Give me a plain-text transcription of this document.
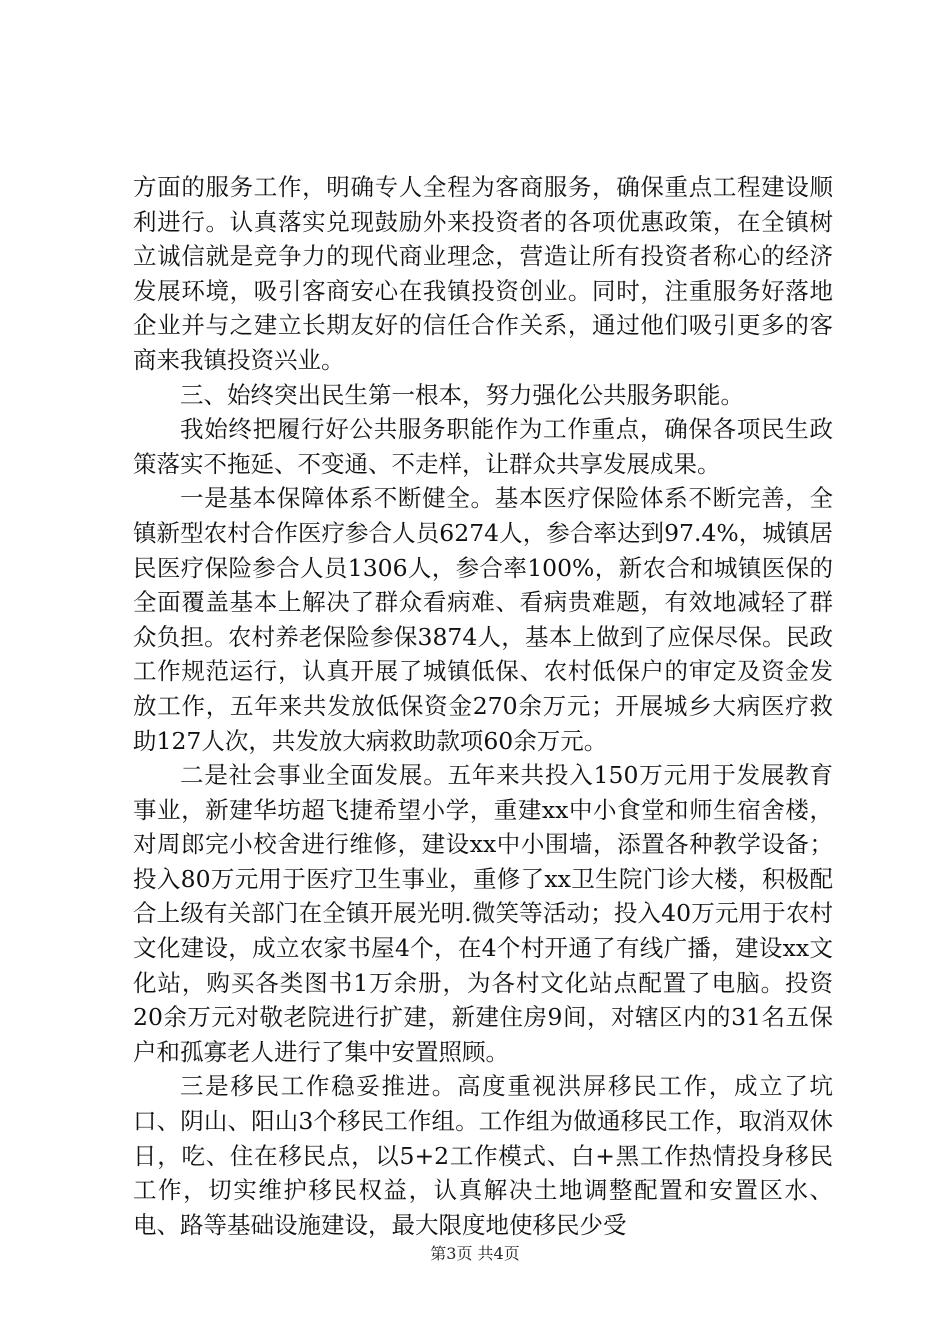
方面的服务工作，明确专人全程为客商服务，确保重点工程建设顺利进行。认真落实兑现鼓励外来投资者的各项优惠政策，在全镇树立诚信就是竞争力的现代商业理念，营造让所有投资者称心的经济发展环境，吸引客商安心在我镇投资创业。同时，注重服务好落地企业并与之建立长期友好的信任合作关系，通过他们吸引更多的客商来我镇投资兴业。

三、始终突出民生第一根本，努力强化公共服务职能。

我始终把履行好公共服务职能作为工作重点，确保各项民生政策落实不拖延、不变通、不走样，让群众共享发展成果。

一是基本保障体系不断健全。基本医疗保险体系不断完善，全镇新型农村合作医疗参合人员6274人，参合率达到97.4%，城镇居民医疗保险参合人员1306人，参合率100%，新农合和城镇医保的全面覆盖基本上解决了群众看病难、看病贵难题，有效地减轻了群众负担。农村养老保险参保3874人，基本上做到了应保尽保。民政工作规范运行，认真开展了城镇低保、农村低保户的审定及资金发放工作，五年来共发放低保资金270余万元；开展城乡大病医疗救助127人次，共发放大病救助款项60余万元。

二是社会事业全面发展。五年来共投入150万元用于发展教育事业，新建华坊超飞捷希望小学，重建xx中小食堂和师生宿舍楼，对周郎完小校舍进行维修，建设xx中小围墙，添置各种教学设备；投入80万元用于医疗卫生事业，重修了xx卫生院门诊大楼，积极配合上级有关部门在全镇开展光明.微笑等活动；投入40万元用于农村文化建设，成立农家书屋4个，在4个村开通了有线广播，建设xx文化站，购买各类图书1万余册，为各村文化站点配置了电脑。投资20余万元对敬老院进行扩建，新建住房9间，对辖区内的31名五保户和孤寡老人进行了集中安置照顾。

三是移民工作稳妥推进。高度重视洪屏移民工作，成立了坑口、阴山、阳山3个移民工作组。工作组为做通移民工作，取消双休日，吃、住在移民点，以5+2工作模式、白+黑工作热情投身移民工作，切实维护移民权益，认真解决土地调整配置和安置区水、电、路等基础设施建设，最大限度地使移民少受

第3页 共4页
